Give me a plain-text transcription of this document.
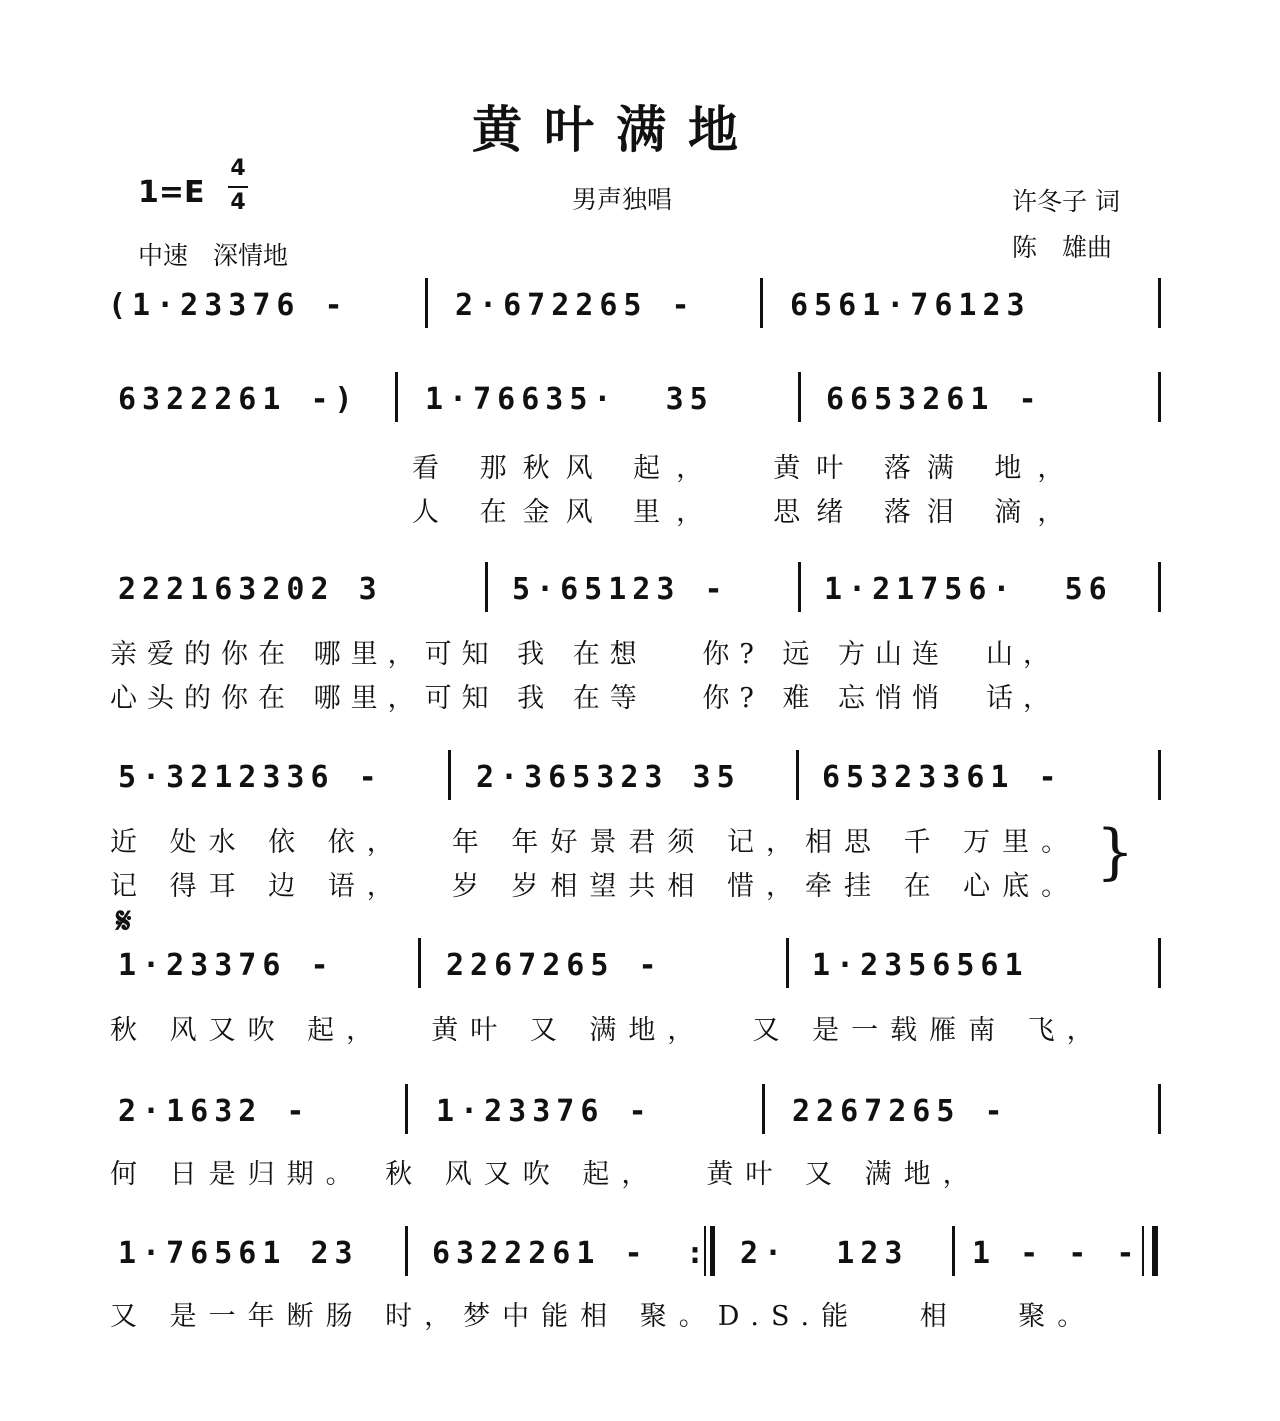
黄叶满地
1=E
4
4	男声独唱	许冬子 词
陈　雄曲
中速　深情地
(1·23376 -	2·672265 -	6561·76123
6322261 -) 1·76635·  35	6653261 -
看 那秋风 起，　 黄叶 落满 地，
人 在金风 里，　 思绪 落泪 滴，
222163202 3	5·65123 -	1·21756·  56
亲爱的你在 哪里，可知 我 在想　 你? 远 方山连　山，
心头的你在 哪里，可知 我 在等　 你? 难 忘悄悄　话，
5·3212336 -	2·365323 35	65323361 -
近 处水 依 依，　 年 年好景君须 记，相思 千 万里。
记 得耳 边 语，　 岁 岁相望共相 惜，牵挂 在 心底。 }
𝄋
1·23376 -	2267265 -	1·2356561
秋 风又吹 起，　 黄叶 又 满地，　 又 是一载雁南 飞，
2·1632 -	1·23376 -	2267265 -
何 日是归期。 秋 风又吹 起，　 黄叶 又 满地，
1·76561 23 6322261 - : 2·  123 1 - - -
又 是一年断肠 时，梦中能相 聚。D.S.能　 相　 聚。
